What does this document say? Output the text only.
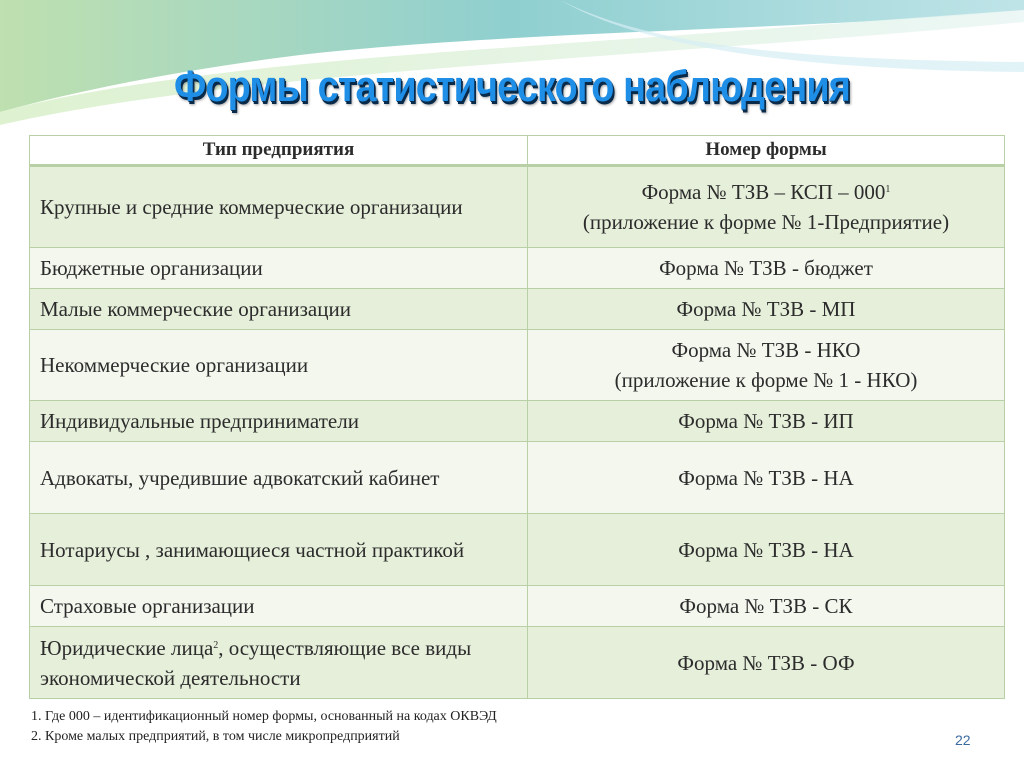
Формы статистического наблюдения
Тип предприятия	Номер формы
Крупные и средние коммерческие организации	Форма № ТЗВ – КСП – 000$^1$
(приложение к форме № 1-Предприятие)
Бюджетные организации	Форма № ТЗВ - бюджет
Малые коммерческие организации	Форма № ТЗВ - МП
Некоммерческие организации	Форма № ТЗВ - НКО
(приложение к форме № 1 - НКО)
Индивидуальные предприниматели	Форма № ТЗВ - ИП
Адвокаты, учредившие адвокатский кабинет	Форма № ТЗВ - НА
Нотариусы , занимающиеся частной практикой	Форма № ТЗВ - НА
Страховые организации	Форма № ТЗВ - СК
Юридические лица$^2$, осуществляющие все виды экономической деятельности	Форма № ТЗВ - ОФ
1. Где 000 – идентификационный номер формы, основанный на кодах ОКВЭД
2. Кроме малых предприятий, в том числе микропредприятий	22
